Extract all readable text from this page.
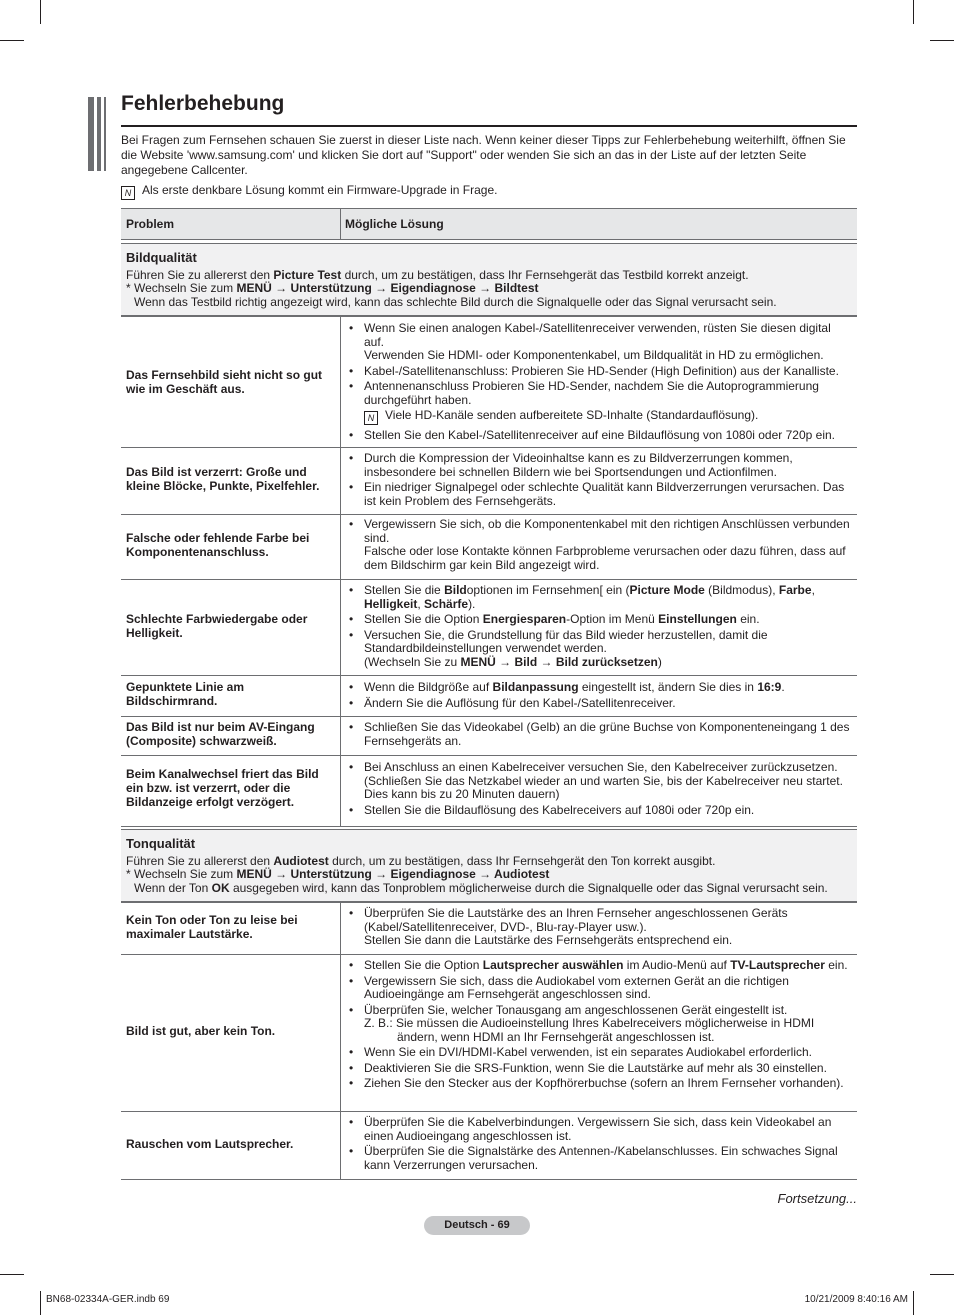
Fehlerbehebung
Bei Fragen zum Fernsehen schauen Sie zuerst in dieser Liste nach. Wenn keiner dieser Tipps zur Fehlerbehebung weiterhilft, öffnen Sie die Website 'www.samsung.com' und klicken Sie dort auf "Support" oder wenden Sie sich an das in der Liste auf der letzten Seite angegebene Callcenter.
N Als erste denkbare Lösung kommt ein Firmware-Upgrade in Frage.
Problem	Mögliche Lösung
Bildqualität
Führen Sie zu allererst den Picture Test durch, um zu bestätigen, dass Ihr Fernsehgerät das Testbild korrekt anzeigt.
* Wechseln Sie zum MENÜ → Unterstützung → Eigendiagnose → Bildtest
Wenn das Testbild richtig angezeigt wird, kann das schlechte Bild durch die Signalquelle oder das Signal verursacht sein.
Das Fernsehbild sieht nicht so gut wie im Geschäft aus.
• Wenn Sie einen analogen Kabel-/Satellitenreceiver verwenden, rüsten Sie diesen digital auf.
Verwenden Sie HDMI- oder Komponentenkabel, um Bildqualität in HD zu ermöglichen.
• Kabel-/Satellitenanschluss: Probieren Sie HD-Sender (High Definition) aus der Kanalliste.
• Antennenanschluss Probieren Sie HD-Sender, nachdem Sie die Autoprogrammierung durchgeführt haben.
N Viele HD-Kanäle senden aufbereitete SD-Inhalte (Standardauflösung).
• Stellen Sie den Kabel-/Satellitenreceiver auf eine Bildauflösung von 1080i oder 720p ein.
Das Bild ist verzerrt: Große und kleine Blöcke, Punkte, Pixelfehler.
• Durch die Kompression der Videoinhaltse kann es zu Bildverzerrungen kommen, insbesondere bei schnellen Bildern wie bei Sportsendungen und Actionfilmen.
• Ein niedriger Signalpegel oder schlechte Qualität kann Bildverzerrungen verursachen. Das ist kein Problem des Fernsehgeräts.
Falsche oder fehlende Farbe bei Komponentenanschluss.
• Vergewissern Sie sich, ob die Komponentenkabel mit den richtigen Anschlüssen verbunden sind.
Falsche oder lose Kontakte können Farbprobleme verursachen oder dazu führen, dass auf dem Bildschirm gar kein Bild angezeigt wird.
Schlechte Farbwiedergabe oder Helligkeit.
• Stellen Sie die Bildoptionen im Fernsehmen[ ein (Picture Mode (Bildmodus), Farbe, Helligkeit, Schärfe).
• Stellen Sie die Option Energiesparen-Option im Menü Einstellungen ein.
• Versuchen Sie, die Grundstellung für das Bild wieder herzustellen, damit die Standardbildeinstellungen verwendet werden.
(Wechseln Sie zu MENÜ → Bild → Bild zurücksetzen)
Gepunktete Linie am Bildschirmrand.
• Wenn die Bildgröße auf Bildanpassung eingestellt ist, ändern Sie dies in 16:9.
• Ändern Sie die Auflösung für den Kabel-/Satellitenreceiver.
Das Bild ist nur beim AV-Eingang (Composite) schwarzweiß.
• Schließen Sie das Videokabel (Gelb) an die grüne Buchse von Komponenteneingang 1 des Fernsehgeräts an.
Beim Kanalwechsel friert das Bild ein bzw. ist verzerrt, oder die Bildanzeige erfolgt verzögert.
• Bei Anschluss an einen Kabelreceiver versuchen Sie, den Kabelreceiver zurückzusetzen. (Schließen Sie das Netzkabel wieder an und warten Sie, bis der Kabelreceiver neu startet. Dies kann bis zu 20 Minuten dauern)
• Stellen Sie die Bildauflösung des Kabelreceivers auf 1080i oder 720p ein.
Tonqualität
Führen Sie zu allererst den Audiotest durch, um zu bestätigen, dass Ihr Fernsehgerät den Ton korrekt ausgibt.
* Wechseln Sie zum MENÜ → Unterstützung → Eigendiagnose → Audiotest
Wenn der Ton OK ausgegeben wird, kann das Tonproblem möglicherweise durch die Signalquelle oder das Signal verursacht sein.
Kein Ton oder Ton zu leise bei maximaler Lautstärke.
• Überprüfen Sie die Lautstärke des an Ihren Fernseher angeschlossenen Geräts (Kabel/Satellitenreceiver, DVD-, Blu-ray-Player usw.).
Stellen Sie dann die Lautstärke des Fernsehgeräts entsprechend ein.
Bild ist gut, aber kein Ton.
• Stellen Sie die Option Lautsprecher auswählen im Audio-Menü auf TV-Lautsprecher ein.
• Vergewissern Sie sich, dass die Audiokabel vom externen Gerät an die richtigen Audioeingänge am Fernsehgerät angeschlossen sind.
• Überprüfen Sie, welcher Tonausgang am angeschlossenen Gerät eingestellt ist.
Z. B.: Sie müssen die Audioeinstellung Ihres Kabelreceivers möglicherweise in HDMI
ändern, wenn HDMI an Ihr Fernsehgerät angeschlossen ist.
• Wenn Sie ein DVI/HDMI-Kabel verwenden, ist ein separates Audiokabel erforderlich.
• Deaktivieren Sie die SRS-Funktion, wenn Sie die Lautstärke auf mehr als 30 einstellen.
• Ziehen Sie den Stecker aus der Kopfhörerbuchse (sofern an Ihrem Fernseher vorhanden).
Rauschen vom Lautsprecher.
• Überprüfen Sie die Kabelverbindungen. Vergewissern Sie sich, dass kein Videokabel an einen Audioeingang angeschlossen ist.
• Überprüfen Sie die Signalstärke des Antennen-/Kabelanschlusses. Ein schwaches Signal kann Verzerrungen verursachen.
Fortsetzung...
Deutsch - 69
BN68-02334A-GER.indb 69	10/21/2009 8:40:16 AM
